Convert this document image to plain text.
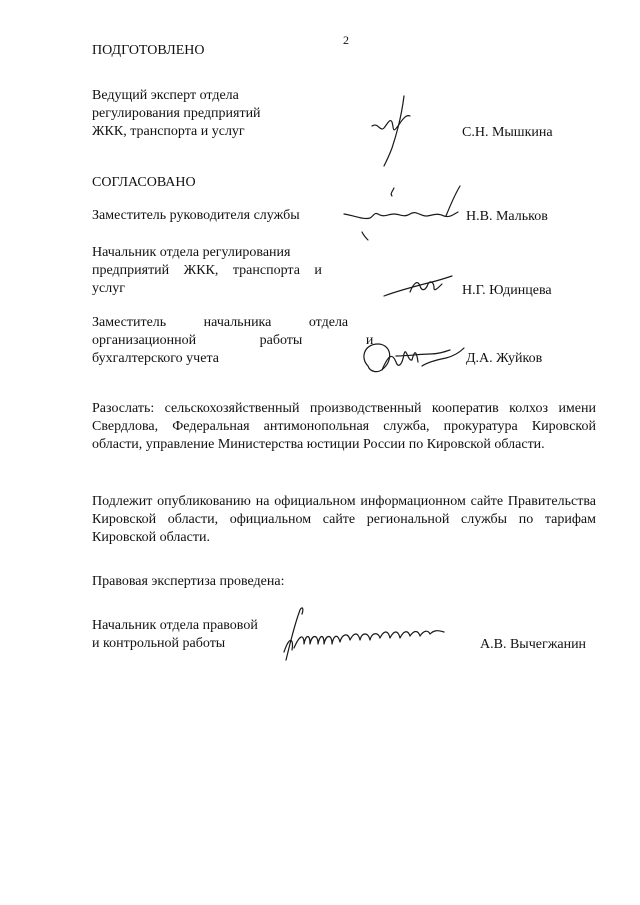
2
ПОДГОТОВЛЕНО
Ведущий эксперт отдела
регулирования предприятий
ЖКК, транспорта и услуг	С.Н. Мышкина
СОГЛАСОВАНО
Заместитель руководителя службы	Н.В. Мальков
Начальник отдела регулирования
предприятий ЖКК, транспорта и
услуг	Н.Г. Юдинцева
Заместитель начальника отдела
организационной работы и
бухгалтерского учета	Д.А. Жуйков

Разослать: сельскохозяйственный производственный кооператив колхоз имени Свердлова, Федеральная антимонопольная служба, прокуратура Кировской области, управление Министерства юстиции России по Кировской области.

Подлежит опубликованию на официальном информационном сайте Правительства Кировской области, официальном сайте региональной службы по тарифам Кировской области.

Правовая экспертиза проведена:
Начальник отдела правовой
и контрольной работы	А.В. Вычегжанин
